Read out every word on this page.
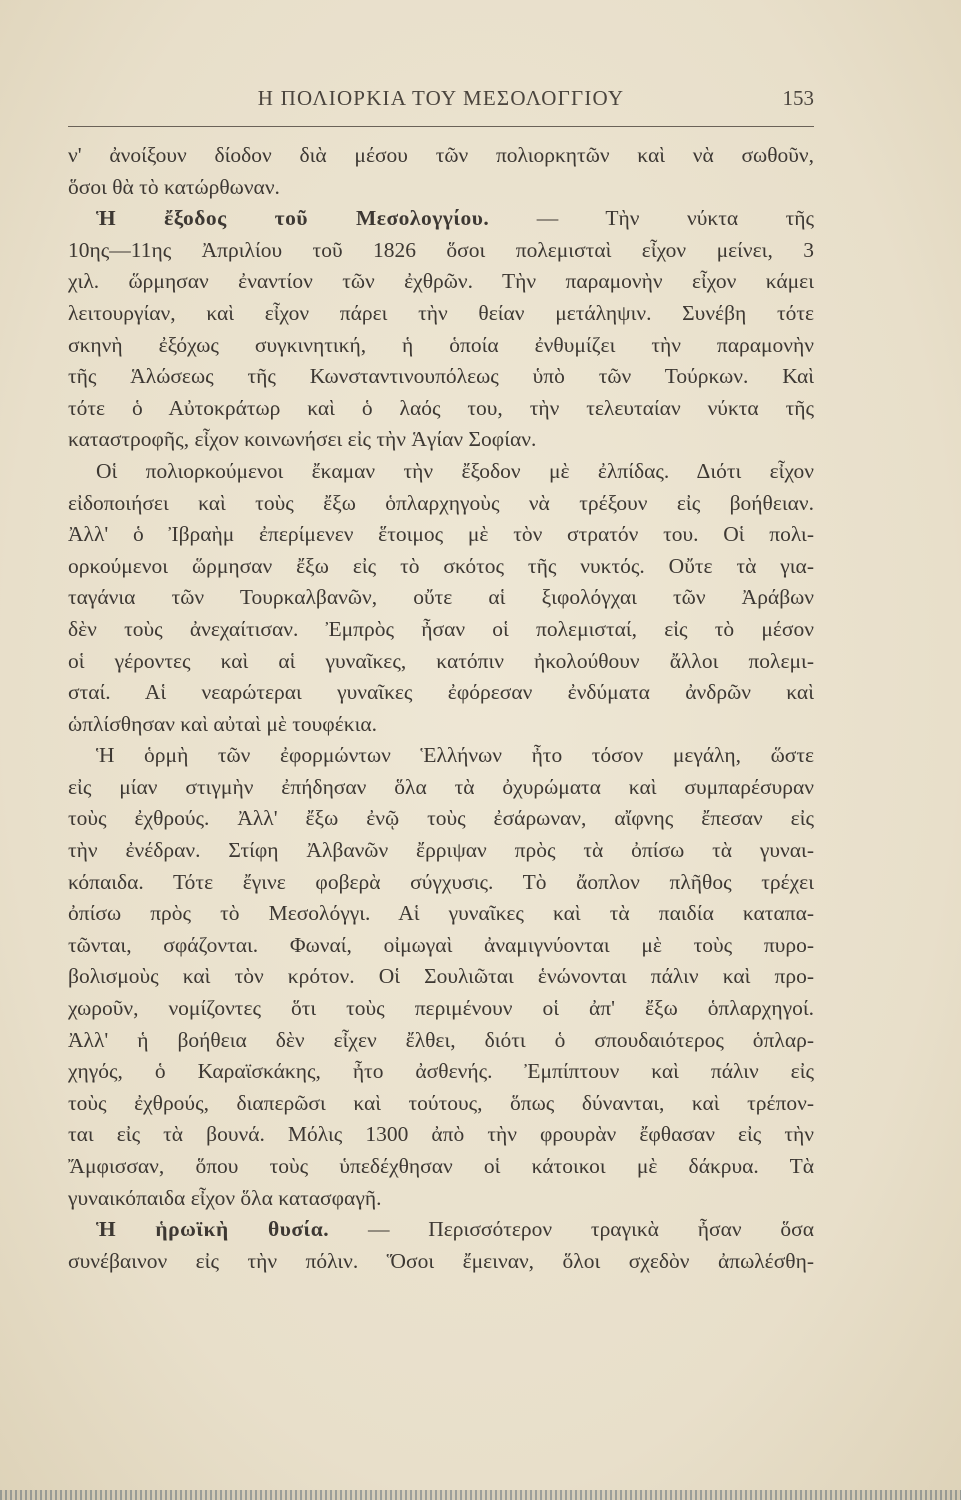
Η ΠΟΛΙΟΡΚΙΑ ΤΟΥ ΜΕΣΟΛΟΓΓΙΟΥ	153
ν' ἀνοίξουν δίοδον διὰ μέσου τῶν πολιορκητῶν καὶ νὰ σωθοῦν,
ὅσοι θὰ τὸ κατώρθωναν.
Ἡ ἔξοδος τοῦ Μεσολογγίου. — Τὴν νύκτα τῆς
10ης—11ης Ἀπριλίου τοῦ 1826 ὅσοι πολεμισταὶ εἶχον μείνει, 3
χιλ. ὥρμησαν ἐναντίον τῶν ἐχθρῶν. Τὴν παραμονὴν εἶχον κάμει
λειτουργίαν, καὶ εἶχον πάρει τὴν θείαν μετάληψιν. Συνέβη τότε
σκηνὴ ἐξόχως συγκινητική, ἡ ὁποία ἐνθυμίζει τὴν παραμονὴν
τῆς Ἁλώσεως τῆς Κωνσταντινουπόλεως ὑπὸ τῶν Τούρκων. Καὶ
τότε ὁ Αὐτοκράτωρ καὶ ὁ λαός του, τὴν τελευταίαν νύκτα τῆς
καταστροφῆς, εἶχον κοινωνήσει εἰς τὴν Ἁγίαν Σοφίαν.
Οἱ πολιορκούμενοι ἔκαμαν τὴν ἔξοδον μὲ ἐλπίδας. Διότι εἶχον
εἰδοποιήσει καὶ τοὺς ἔξω ὁπλαρχηγοὺς νὰ τρέξουν εἰς βοήθειαν.
Ἀλλ' ὁ Ἰβραὴμ ἐπερίμενεν ἕτοιμος μὲ τὸν στρατόν του. Οἱ πολι-
ορκούμενοι ὥρμησαν ἔξω εἰς τὸ σκότος τῆς νυκτός. Οὔτε τὰ για-
ταγάνια τῶν Τουρκαλβανῶν, οὔτε αἱ ξιφολόγχαι τῶν Ἀράβων
δὲν τοὺς ἀνεχαίτισαν. Ἐμπρὸς ἦσαν οἱ πολεμισταί, εἰς τὸ μέσον
οἱ γέροντες καὶ αἱ γυναῖκες, κατόπιν ἠκολούθουν ἄλλοι πολεμι-
σταί. Αἱ νεαρώτεραι γυναῖκες ἐφόρεσαν ἐνδύματα ἀνδρῶν καὶ
ὡπλίσθησαν καὶ αὐταὶ μὲ τουφέκια.
Ἡ ὁρμὴ τῶν ἐφορμώντων Ἑλλήνων ἦτο τόσον μεγάλη, ὥστε
εἰς μίαν στιγμὴν ἐπήδησαν ὅλα τὰ ὀχυρώματα καὶ συμπαρέσυραν
τοὺς ἐχθρούς. Ἀλλ' ἔξω ἐνῷ τοὺς ἐσάρωναν, αἴφνης ἔπεσαν εἰς
τὴν ἐνέδραν. Στίφη Ἀλβανῶν ἔρριψαν πρὸς τὰ ὀπίσω τὰ γυναι-
κόπαιδα. Τότε ἔγινε φοβερὰ σύγχυσις. Τὸ ἄοπλον πλῆθος τρέχει
ὀπίσω πρὸς τὸ Μεσολόγγι. Αἱ γυναῖκες καὶ τὰ παιδία καταπα-
τῶνται, σφάζονται. Φωναί, οἰμωγαὶ ἀναμιγνύονται μὲ τοὺς πυρο-
βολισμοὺς καὶ τὸν κρότον. Οἱ Σουλιῶται ἑνώνονται πάλιν καὶ προ-
χωροῦν, νομίζοντες ὅτι τοὺς περιμένουν οἱ ἀπ' ἔξω ὁπλαρχηγοί.
Ἀλλ' ἡ βοήθεια δὲν εἶχεν ἔλθει, διότι ὁ σπουδαιότερος ὁπλαρ-
χηγός, ὁ Καραϊσκάκης, ἦτο ἀσθενής. Ἐμπίπτουν καὶ πάλιν εἰς
τοὺς ἐχθρούς, διαπερῶσι καὶ τούτους, ὅπως δύνανται, καὶ τρέπον-
ται εἰς τὰ βουνά. Μόλις 1300 ἀπὸ τὴν φρουρὰν ἔφθασαν εἰς τὴν
Ἄμφισσαν, ὅπου τοὺς ὑπεδέχθησαν οἱ κάτοικοι μὲ δάκρυα. Τὰ
γυναικόπαιδα εἶχον ὅλα κατασφαγῆ.
Ἡ ἡρωϊκὴ θυσία. — Περισσότερον τραγικὰ ἦσαν ὅσα
συνέβαινον εἰς τὴν πόλιν. Ὅσοι ἔμειναν, ὅλοι σχεδὸν ἀπωλέσθη-
